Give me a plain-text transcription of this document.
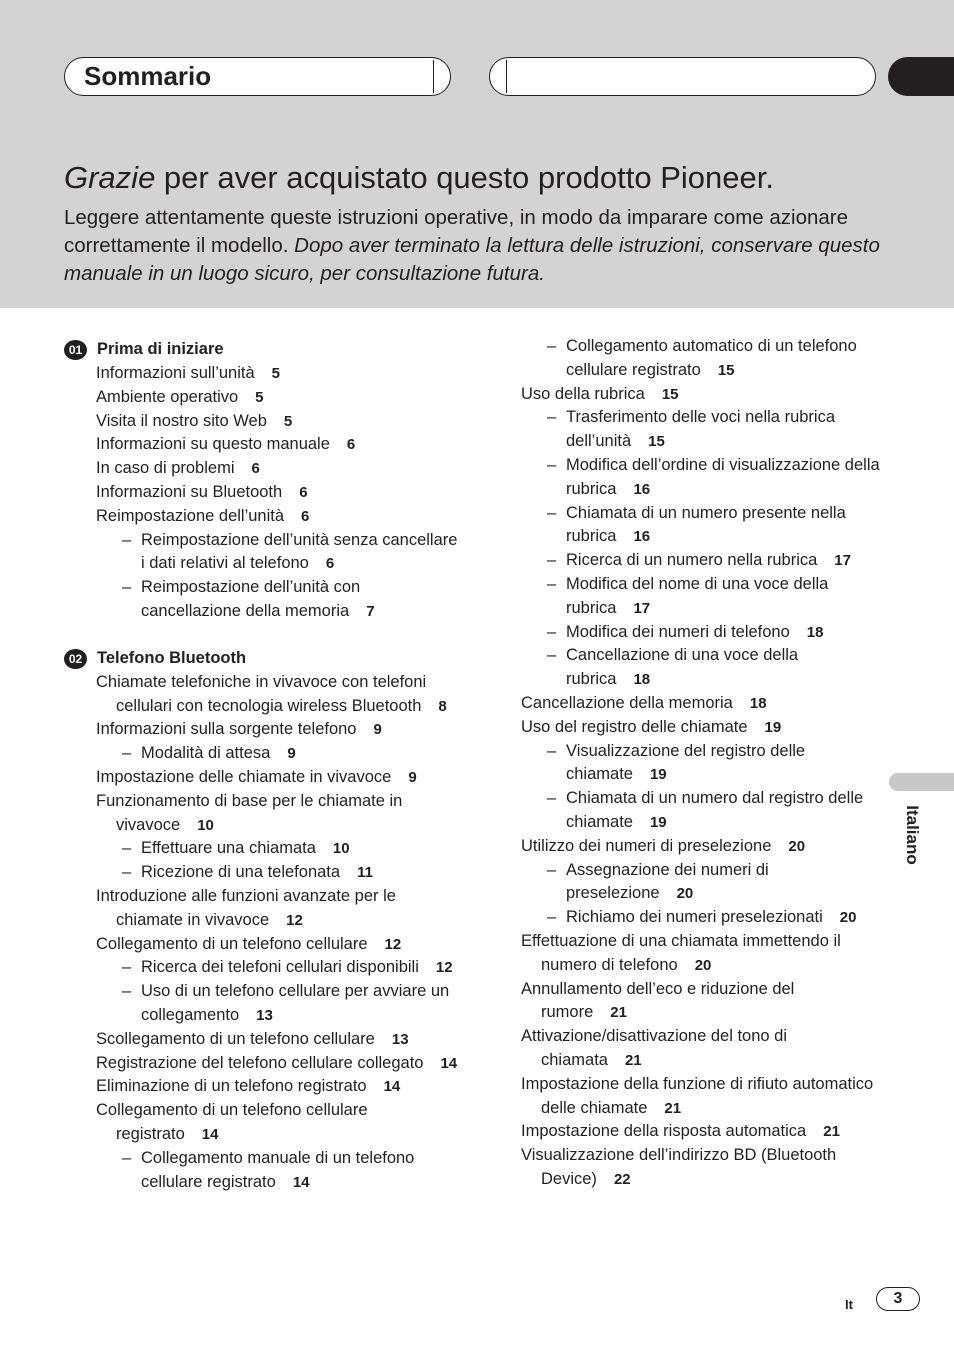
Sommario
Grazie per aver acquistato questo prodotto Pioneer.

Leggere attentamente queste istruzioni operative, in modo da imparare come azionare correttamente il modello. Dopo aver terminato la lettura delle istruzioni, conservare questo manuale in un luogo sicuro, per consultazione futura.

01 Prima di iniziare
Informazioni sull’unità 5
Ambiente operativo 5
Visita il nostro sito Web 5
Informazioni su questo manuale 6
In caso di problemi 6
Informazioni su Bluetooth 6
Reimpostazione dell’unità 6
– Reimpostazione dell’unità senza cancellare i dati relativi al telefono 6
– Reimpostazione dell’unità con cancellazione della memoria 7
02 Telefono Bluetooth
Chiamate telefoniche in vivavoce con telefoni cellulari con tecnologia wireless Bluetooth 8
Informazioni sulla sorgente telefono 9
– Modalità di attesa 9
Impostazione delle chiamate in vivavoce 9
Funzionamento di base per le chiamate in vivavoce 10
– Effettuare una chiamata 10
– Ricezione di una telefonata 11
Introduzione alle funzioni avanzate per le chiamate in vivavoce 12
Collegamento di un telefono cellulare 12
– Ricerca dei telefoni cellulari disponibili 12
– Uso di un telefono cellulare per avviare un collegamento 13
Scollegamento di un telefono cellulare 13
Registrazione del telefono cellulare collegato 14
Eliminazione di un telefono registrato 14
Collegamento di un telefono cellulare registrato 14
– Collegamento manuale di un telefono cellulare registrato 14
– Collegamento automatico di un telefono cellulare registrato 15
Uso della rubrica 15
– Trasferimento delle voci nella rubrica dell’unità 15
– Modifica dell’ordine di visualizzazione della rubrica 16
– Chiamata di un numero presente nella rubrica 16
– Ricerca di un numero nella rubrica 17
– Modifica del nome di una voce della rubrica 17
– Modifica dei numeri di telefono 18
– Cancellazione di una voce della rubrica 18
Cancellazione della memoria 18
Uso del registro delle chiamate 19
– Visualizzazione del registro delle chiamate 19
– Chiamata di un numero dal registro delle chiamate 19
Utilizzo dei numeri di preselezione 20
– Assegnazione dei numeri di preselezione 20
– Richiamo dei numeri preselezionati 20
Effettuazione di una chiamata immettendo il numero di telefono 20
Annullamento dell’eco e riduzione del rumore 21
Attivazione/disattivazione del tono di chiamata 21
Impostazione della funzione di rifiuto automatico delle chiamate 21
Impostazione della risposta automatica 21
Visualizzazione dell’indirizzo BD (Bluetooth Device) 22
Italiano
It	3
